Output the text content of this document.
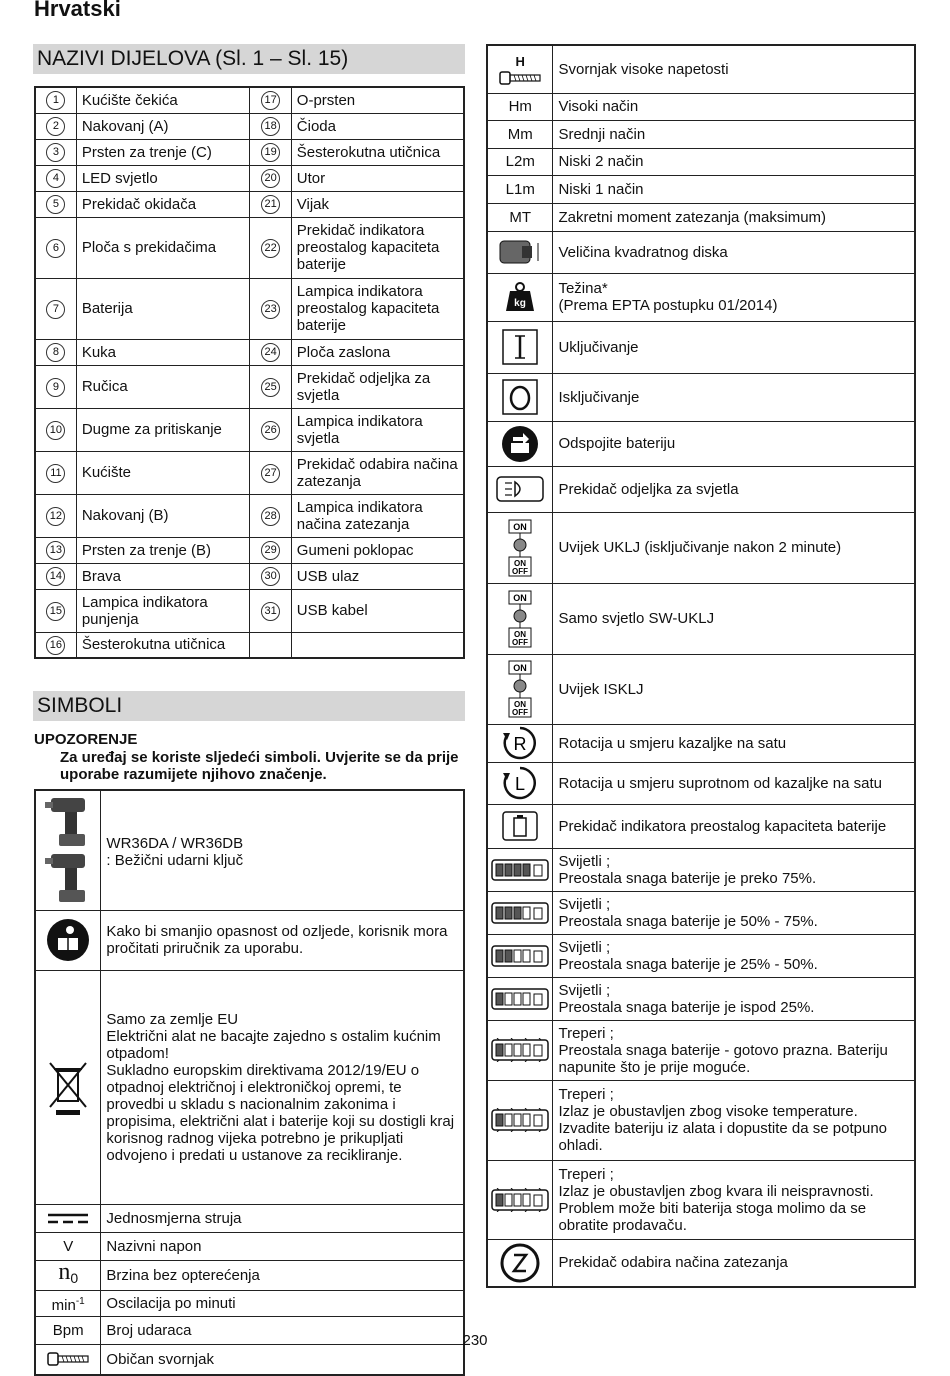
Hrvatski
NAZIVI DIJELOVA (Sl. 1 – Sl. 15)
1	Kućište čekića	17	O-prsten
2	Nakovanj (A)	18	Čioda
3	Prsten za trenje (C)	19	Šesterokutna utičnica
4	LED svjetlo	20	Utor
5	Prekidač okidača	21	Vijak
6	Ploča s prekidačima	22	Prekidač indikatora preostalog kapaciteta baterije
7	Baterija	23	Lampica indikatora preostalog kapaciteta baterije
8	Kuka	24	Ploča zaslona
9	Ručica	25	Prekidač odjeljka za svjetla
10	Dugme za pritiskanje	26	Lampica indikatora svjetla
11	Kućište	27	Prekidač odabira načina zatezanja
12	Nakovanj (B)	28	Lampica indikatora načina zatezanja
13	Prsten za trenje (B)	29	Gumeni poklopac
14	Brava	30	USB ulaz
15	Lampica indikatora punjenja	31	USB kabel
16	Šesterokutna utičnica		
SIMBOLI
UPOZORENJE
Za uređaj se koriste sljedeći simboli. Uvjerite se da prije uporabe razumijete njihovo značenje.
	WR36DA / WR36DB
: Bežični udarni ključ

	Kako bi smanjio opasnost od ozljede, korisnik mora pročitati priručnik za uporabu.

	Samo za zemlje EU
Električni alat ne bacajte zajedno s ostalim kućnim otpadom!
Sukladno europskim direktivama 2012/19/EU o otpadnoj električnoj i elektroničkoj opremi, te provedbi u skladu s nacionalnim zakonima i propisima, električni alat i baterije koji su dostigli kraj korisnog radnog vijeka potrebno je prikupljati odvojeno i predati u ustanove za recikliranje.

	Jednosmjerna struja
V	Nazivni napon
$n_0$	Brzina bez opterećenja
$\min^{-1}$	Oscilacija po minuti
Bpm	Broj udaraca

	Običan svornjak
H	Svornjak visoke napetosti
Hm	Visoki način
Mm	Srednji način
L2m	Niski 2 način
L1m	Niski 1 način
MT	Zakretni moment zatezanja (maksimum)

	Veličina kvadratnog diska

kg	Težina*
(Prema EPTA postupku 01/2014)

	Uključivanje

	Isključivanje

	Odspojite bateriju

	Prekidač odjeljka za svjetla

ON
ON
OFF	Uvijek UKLJ (isključivanje nakon 2 minute)

ON
ON
OFF	Samo svjetlo SW-UKLJ

ON
ON
OFF	Uvijek ISKLJ

R	Rotacija u smjeru kazaljke na satu

L	Rotacija u smjeru suprotnom od kazaljke na satu

	Prekidač indikatora preostalog kapaciteta baterije

	Svijetli ;
Preostala snaga baterije je preko 75%.

	Svijetli ;
Preostala snaga baterije je 50% - 75%.

	Svijetli ;
Preostala snaga baterije je 25% - 50%.

	Svijetli ;
Preostala snaga baterije je ispod 25%.

	Treperi ;
Preostala snaga baterije - gotovo prazna. Bateriju napunite što je prije moguće.

	Treperi ;
Izlaz je obustavljen zbog visoke temperature. Izvadite bateriju iz alata i dopustite da se potpuno ohladi.

	Treperi ;
Izlaz je obustavljen zbog kvara ili neispravnosti. Problem može biti baterija stoga molimo da se obratite prodavaču.

	Prekidač odabira načina zatezanja
230
